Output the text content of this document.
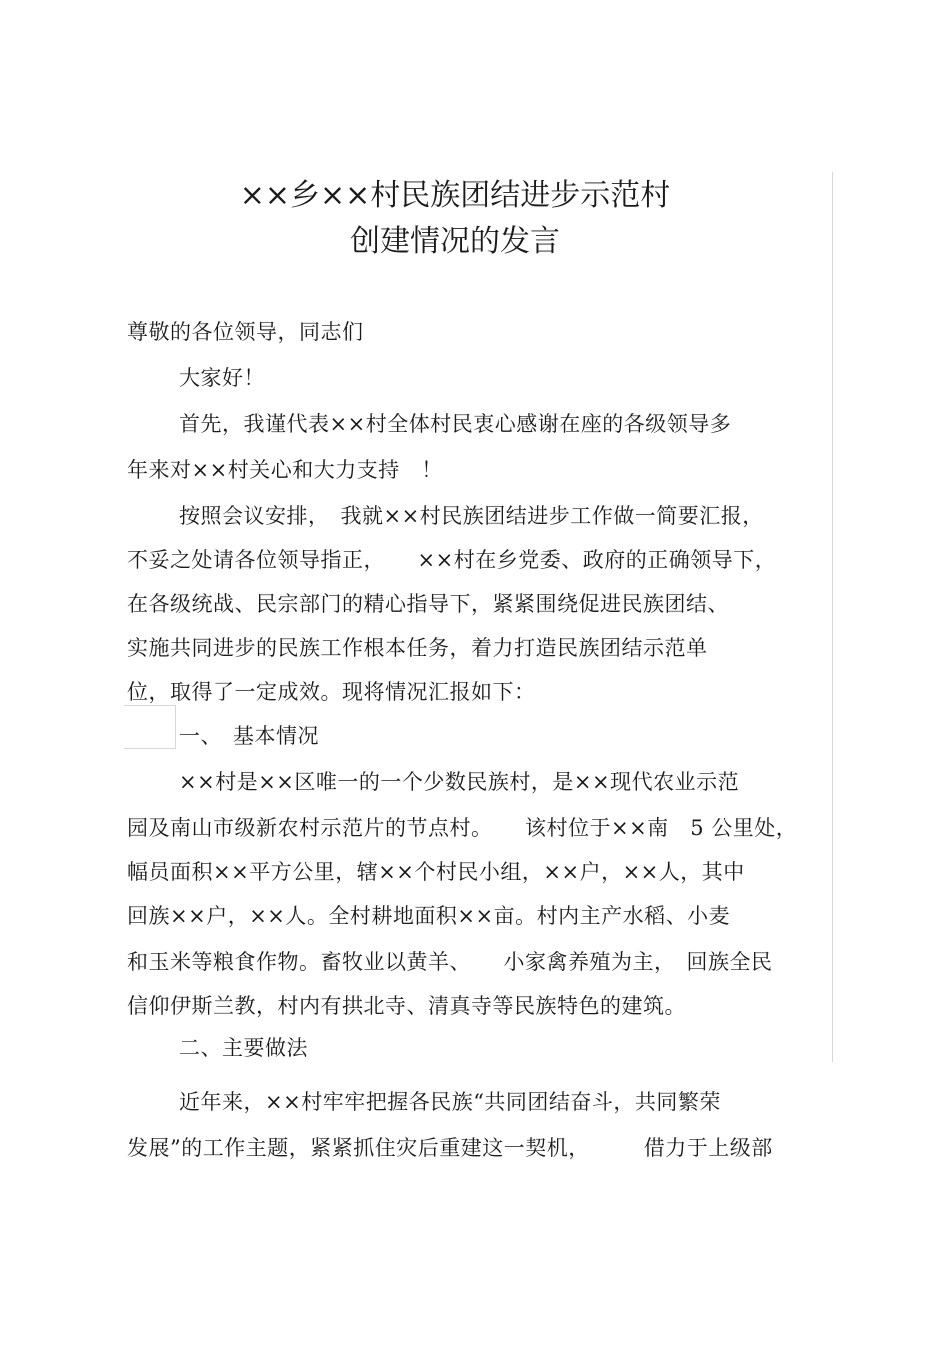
××乡××村民族团结进步示范村
创建情况的发言
尊敬的各位领导，同志们
大家好！
首先，我谨代表××村全体村民衷心感谢在座的各级领导多
年来对××村关心和大力支持　！
按照会议安排，　我就××村民族团结进步工作做一简要汇报，
不妥之处请各位领导指正，　　××村在乡党委、政府的正确领导下，
在各级统战、民宗部门的精心指导下，紧紧围绕促进民族团结、
实施共同进步的民族工作根本任务，着力打造民族团结示范单
位，取得了一定成效。现将情况汇报如下：
一、　基本情况
××村是××区唯一的一个少数民族村，是××现代农业示范
园及南山市级新农村示范片的节点村。　　该村位于××南　5 公里处，
幅员面积××平方公里，辖××个村民小组，××户，××人，其中
回族××户，××人。全村耕地面积××亩。村内主产水稻、小麦
和玉米等粮食作物。畜牧业以黄羊、　　小家禽养殖为主，　回族全民
信仰伊斯兰教，村内有拱北寺、清真寺等民族特色的建筑。
二、主要做法
近年来，××村牢牢把握各民族“共同团结奋斗，共同繁荣
发展”的工作主题，紧紧抓住灾后重建这一契机，　　　借力于上级部
